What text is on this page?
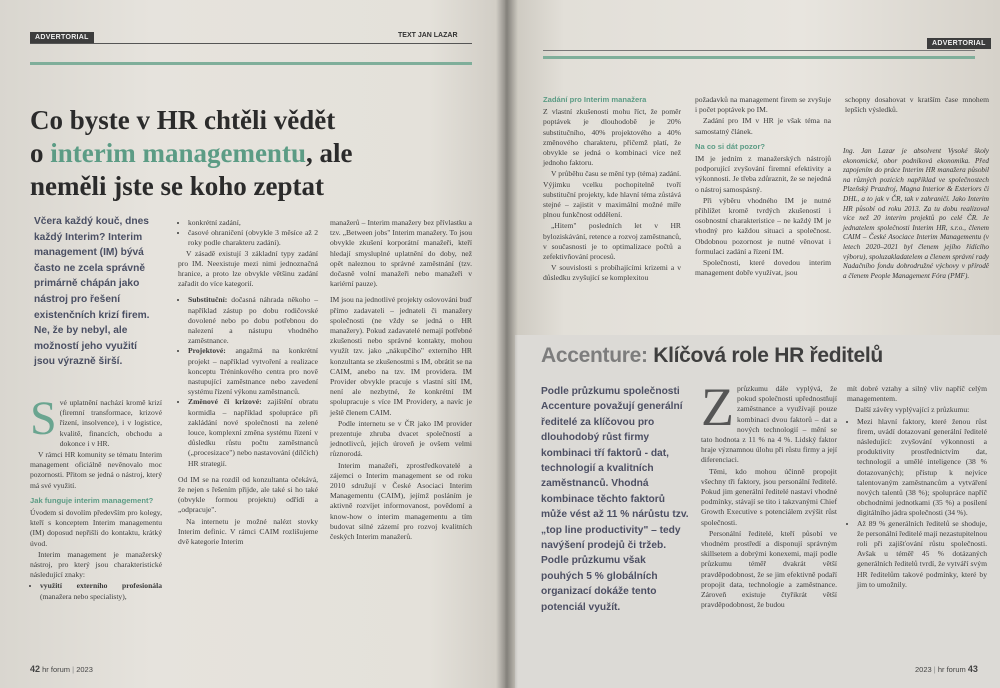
ADVERTORIAL	TEXT JAN LAZAR
Co byste v HR chtěli vědět
o interim managementu, ale
neměli jste se koho zeptat
Včera každý kouč, dnes každý Interim? Interim management (IM) bývá často ne zcela správně primárně chápán jako nástroj pro řešení existenčních krizí firem. Ne, že by nebyl, ale možností jeho využití jsou výrazně širší.

Své uplatnění nachází kromě krizí (firemní transformace, krizové řízení, insolvence), i v logistice, kvalitě, financích, obchodu a dokonce i v HR.

V rámci HR komunity se tématu Interim management oficiálně nevěnovalo moc pozornosti. Přitom se jedná o nástroj, který má své využití.

Jak funguje interim management?

Úvodem si dovolím především pro kolegy, kteří s konceptem Interim managementu (IM) doposud nepřišli do kontaktu, krátký úvod.

Interim management je manažerský nástroj, pro který jsou charakteristické následující znaky:

• využití externího profesionála (manažera nebo specialisty),
• konkrétní zadání,
• časové ohraničení (obvykle 3 měsíce až 2 roky podle charakteru zadání).

V zásadě existují 3 základní typy zadání pro IM. Neexistuje mezi nimi jednoznačná hranice, a proto lze obvykle většinu zadání zařadit do více kategorií.

• Substituční: dočasná náhrada někoho – například zástup po dobu rodičovské dovolené nebo po dobu potřebnou do nalezení a nástupu vhodného zaměstnance.
• Projektové: angažmá na konkrétní projekt – například vytvoření a realizace konceptu Tréninkového centra pro nově nastupující zaměstnance nebo zavedení systému řízení výkonu zaměstnanců.
• Změnové či krizové: zajištění obratu kormidla – například spolupráce při zakládání nové společnosti na zelené louce, komplexní změna systému řízení v důsledku růstu počtu zaměstnanců („procesizace") nebo nastavování (dílčích) HR strategií.

Od IM se na rozdíl od konzultanta očekává, že nejen s řešením přijde, ale také si ho také (obvykle formou projektu) odřídí a „odpracuje".

Na internetu je možné nalézt stovky Interim definic. V rámci CAIM rozlišujeme dvě kategorie Interim

manažerů – Interim manažery bez přívlastku a tzv. „Between jobs" Interim manažery. To jsou obvykle zkušení korporátní manažeři, kteří hledají smysluplné uplatnění do doby, než opět naleznou to správné zaměstnání (tzv. dočasně volní manažeři nebo manažeři v kariérní pauze).

IM jsou na jednotlivé projekty oslovováni buď přímo zadavateli – jednateli či manažery společnosti (ne vždy se jedná o HR manažery). Pokud zadavatelé nemají potřebné zkušenosti nebo správné kontakty, mohou využít tzv. jako „nákupčího" externího HR konzultanta se zkušenostmi s IM, obrátit se na CAIM, anebo na tzv. IM providera. IM Provider obvykle pracuje s vlastní sítí IM, není ale nezbytné, že konkrétní IM spolupracuje s více IM Providery, a navíc je ještě členem CAIM.

Podle internetu se v ČR jako IM provider prezentuje zhruba dvacet společností a jednotlivců, jejich úroveň je ovšem velmi různorodá.

Interim manažeři, zprostředkovatelé a zájemci o Interim management se od roku 2010 sdružují v České Asociaci Interim Managementu (CAIM), jejímž posláním je aktivně rozvíjet informovanost, povědomí a know-how o interim managementu a tím budovat silné zázemí pro rozvoj kvalitních českých Interim manažerů.

42 hr forum | 2023
ADVERTORIAL
Zadání pro Interim manažera

Z vlastní zkušenosti mohu říct, že poměr poptávek je dlouhodobě je 20% substitučního, 40% projektového a 40% změnového charakteru, přičemž platí, že obvykle se jedná o kombinaci více než jednoho faktoru.

V průběhu času se mění typ (téma) zadání. Výjimku vcelku pochopitelně tvoří substituční projekty, kde hlavní téma zůstává stejné – zajistit v maximální možné míře plnou funkčnost oddělení.

„Hitem" posledních let v HR byloziskávání, retence a rozvoj zaměstnanců, v současnosti je to optimalizace počtů a zefektivňování procesů.

V souvislosti s probíhajícími krizemi a v důsledku zvyšující se komplexitou

požadavků na management firem se zvyšuje i počet poptávek po IM.

Zadání pro IM v HR je však téma na samostatný článek.

Na co si dát pozor?

IM je jedním z manažerských nástrojů podporující zvyšování firemní efektivity a výkonnosti. Je třeba zdůraznit, že se nejedná o nástroj samospásný.

Při výběru vhodného IM je nutné přihlížet kromě tvrdých zkušeností i osobnostní charakteristice – ne každý IM je vhodný pro každou situaci a společnost. Obdobnou pozornost je nutné věnovat i formulaci zadání a řízení IM.

Společnosti, které dovedou interim management dobře využívat, jsou

schopny dosahovat v kratším čase mnohem lepších výsledků.

Ing. Jan Lazar je absolvent Vysoké školy ekonomické, obor podniková ekonomika. Před zapojením do práce Interim HR manažera působil na různých pozicích například ve společnostech Plzeňský Prazdroj, Magna Interior & Exteriors či DHL, a to jak v ČR, tak v zahraničí. Jako Interim HR působí od roku 2013. Za tu dobu realizoval více než 20 interim projektů po celé ČR. Je jednatelem společnosti Interim HR, s.r.o., členem CAIM – České Asociace Interim Managementu (v letech 2020–2021 byl členem jejího řídícího výboru), spoluzakladatelem a členem správní rady Nadačního fondu dobrodružné výchovy v přírodě a členem People Management Fóra (PMF).
Accenture: Klíčová role HR ředitelů
Podle průzkumu společnosti Accenture považují generální ředitelé za klíčovou pro dlouhodobý růst firmy kombinaci tří faktorů - dat, technologií a kvalitních zaměstnanců. Vhodná kombinace těchto faktorů může vést až 11 % nárůstu tzv. „top line productivity" – tedy navýšení prodejů či tržeb. Podle průzkumu však pouhých 5 % globálních organizací dokáže tento potenciál využít.

Zprůzkumu dále vyplývá, že pokud společnosti upřednostňují zaměstnance a využívají pouze kombinaci dvou faktorů – dat a nových technologií – mění se tato hodnota z 11 % na 4 %. Lidský faktor hraje významnou úlohu při růstu firmy a její diferenciaci.

Těmi, kdo mohou účinně propojit všechny tři faktory, jsou personální ředitelé. Pokud jim generální ředitelé nastaví vhodné podmínky, stávají se tito i takzvanými Chief Growth Executive s potenciálem zvýšit růst společnosti.

Personální ředitelé, kteří působí ve vhodném prostředí a disponují správným skillsetem a dobrými konexemi, mají podle průzkumu téměř dvakrát větší pravděpodobnost, že se jim efektivně podaří propojit data, technologie a zaměstnance. Zároveň existuje čtyřikrát větší pravděpodobnost, že budou

mít dobré vztahy a silný vliv napříč celým managementem.

Další závěry vyplývající z průzkumu:

• Mezi hlavní faktory, které ženou růst firem, uvádí dotazovaní generální ředitelé následující: zvyšování výkonnosti a produktivity prostřednictvím dat, technologií a umělé inteligence (38 % dotazovaných); přístup k nejvíce talentovaným zaměstnancům a vytváření nových talentů (38 %); spolupráce napříč obchodními jednotkami (35 %) a posílení digitálního jádra společnosti (34 %).
• Až 89 % generálních ředitelů se shoduje, že personální ředitelé mají nezastupitelnou roli při zajišťování růstu společnosti. Avšak u téměř 45 % dotázaných generálních ředitelů tvrdí, že vytváří svým HR ředitelům takové podmínky, které by jim to umožnily.
2023 | hr forum 43
